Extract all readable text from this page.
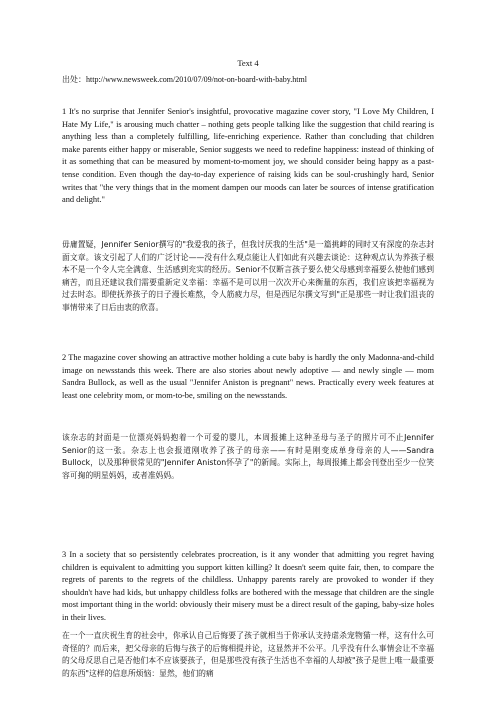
Text 4
出处：http://www.newsweek.com/2010/07/09/not-on-board-with-baby.html
1 It's no surprise that Jennifer Senior's insightful, provocative magazine cover story, "I Love My Children, I Hate My Life," is arousing much chatter – nothing gets people talking like the suggestion that child rearing is anything less than a completely fulfilling, life-enriching experience. Rather than concluding that children make parents either happy or miserable, Senior suggests we need to redefine happiness: instead of thinking of it as something that can be measured by moment-to-moment joy, we should consider being happy as a past-tense condition. Even though the day-to-day experience of raising kids can be soul-crushingly hard, Senior writes that "the very things that in the moment dampen our moods can later be sources of intense gratification and delight."
毋庸置疑，Jennifer Senior撰写的"我爱我的孩子，但我讨厌我的生活"是一篇挑衅的同时又有深度的杂志封面文章。该文引起了人们的广泛讨论——没有什么观点能让人们如此有兴趣去谈论：这种观点认为养孩子根本不是一个令人完全满意、生活感到充实的经历。Senior不仅断言孩子要么使父母感到幸福要么使他们感到痛苦，而且还建议我们需要重新定义幸福：幸福不是可以用一次次开心来衡量的东西，我们应该把幸福视为过去时态。即使抚养孩子的日子漫长难熬，令人筋疲力尽，但是西尼尔撰文写到"正是那些一时让我们沮丧的事情带来了日后由衷的欣喜。
2 The magazine cover showing an attractive mother holding a cute baby is hardly the only Madonna-and-child image on newsstands this week. There are also stories about newly adoptive — and newly single — mom Sandra Bullock, as well as the usual "Jennifer Aniston is pregnant" news. Practically every week features at least one celebrity mom, or mom-to-be, smiling on the newsstands.
该杂志的封面是一位漂亮妈妈抱着一个可爱的婴儿，本周报摊上这种圣母与圣子的照片可不止Jennifer Senior的这一张。杂志上也会报道刚收养了孩子的母亲——有时是刚变成单身母亲的人——Sandra Bullock，以及那种很常见的"Jennifer Aniston怀孕了"的新闻。实际上，每周报摊上都会刊登出至少一位笑容可掬的明星妈妈，或者准妈妈。
3 In a society that so persistently celebrates procreation, is it any wonder that admitting you regret having children is equivalent to admitting you support kitten killing? It doesn't seem quite fair, then, to compare the regrets of parents to the regrets of the childless. Unhappy parents rarely are provoked to wonder if they shouldn't have had kids, but unhappy childless folks are bothered with the message that children are the single most important thing in the world: obviously their misery must be a direct result of the gaping, baby-size holes in their lives.
在一个一直庆祝生育的社会中，你承认自己后悔要了孩子就相当于你承认支持虐杀宠物猫一样，这有什么可奇怪的？而后来，把父母亲的后悔与孩子的后悔相提并论，这显然并不公平。几乎没有什么事情会让不幸福的父母反思自己是否他们本不应该要孩子，但是那些没有孩子生活也不幸福的人却被"孩子是世上唯一最重要的东西"这样的信息所烦恼：显然，他们的痛
